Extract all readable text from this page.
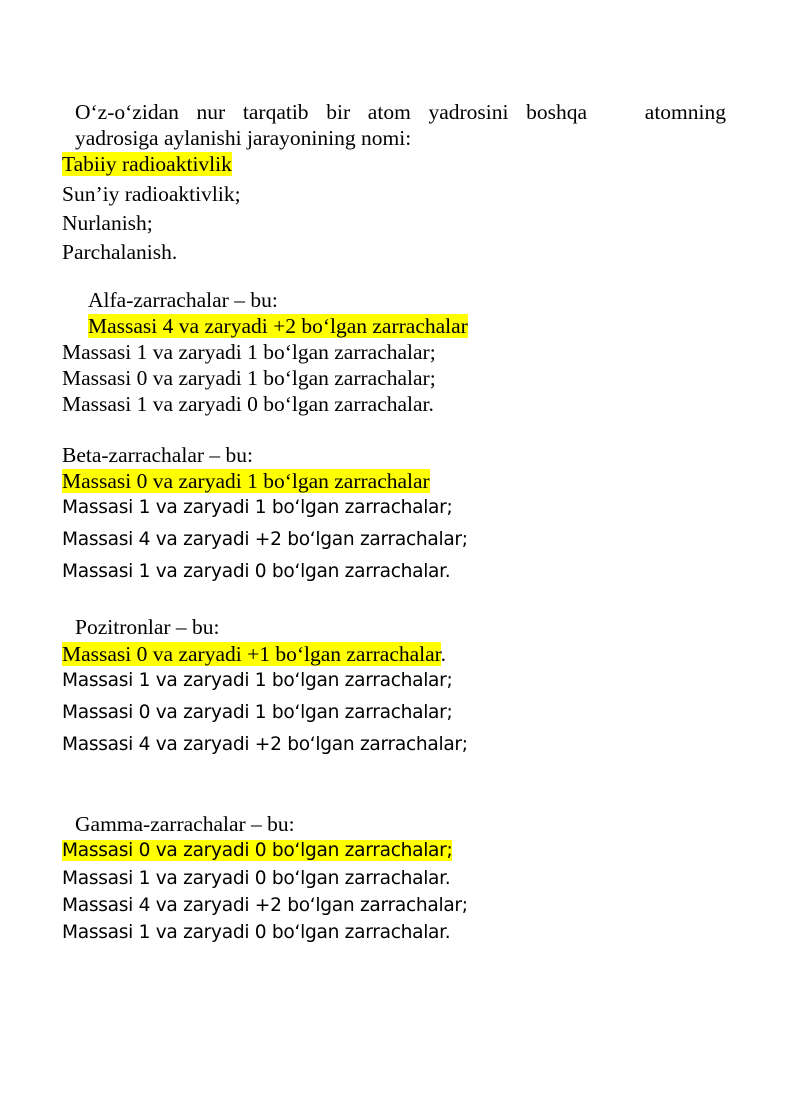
O‘z-o‘zidan nur tarqatib bir atom yadrosini boshqa	atomning yadrosiga aylanishi jarayonining nomi:
Tabiiy radioaktivlik
Sun’iy radioaktivlik;
Nurlanish;
Parchalanish.
Alfa-zarrachalar – bu:
Massasi 4 va zaryadi +2 bo‘lgan zarrachalar
Massasi 1 va zaryadi 1 bo‘lgan zarrachalar;
Massasi 0 va zaryadi 1 bo‘lgan zarrachalar;
Massasi 1 va zaryadi 0 bo‘lgan zarrachalar.
Beta-zarrachalar – bu:
Massasi 0 va zaryadi 1 bo‘lgan zarrachalar
Massasi 1 va zaryadi 1 bo‘lgan zarrachalar;
Massasi 4 va zaryadi +2 bo‘lgan zarrachalar;
Massasi 1 va zaryadi 0 bo‘lgan zarrachalar.
Pozitronlar – bu:
Massasi 0 va zaryadi +1 bo‘lgan zarrachalar.
Massasi 1 va zaryadi 1 bo‘lgan zarrachalar;
Massasi 0 va zaryadi 1 bo‘lgan zarrachalar;
Massasi 4 va zaryadi +2 bo‘lgan zarrachalar;
Gamma-zarrachalar – bu:
Massasi 0 va zaryadi 0 bo‘lgan zarrachalar;
Massasi 1 va zaryadi 0 bo‘lgan zarrachalar.
Massasi 4 va zaryadi +2 bo‘lgan zarrachalar;
Massasi 1 va zaryadi 0 bo‘lgan zarrachalar.
